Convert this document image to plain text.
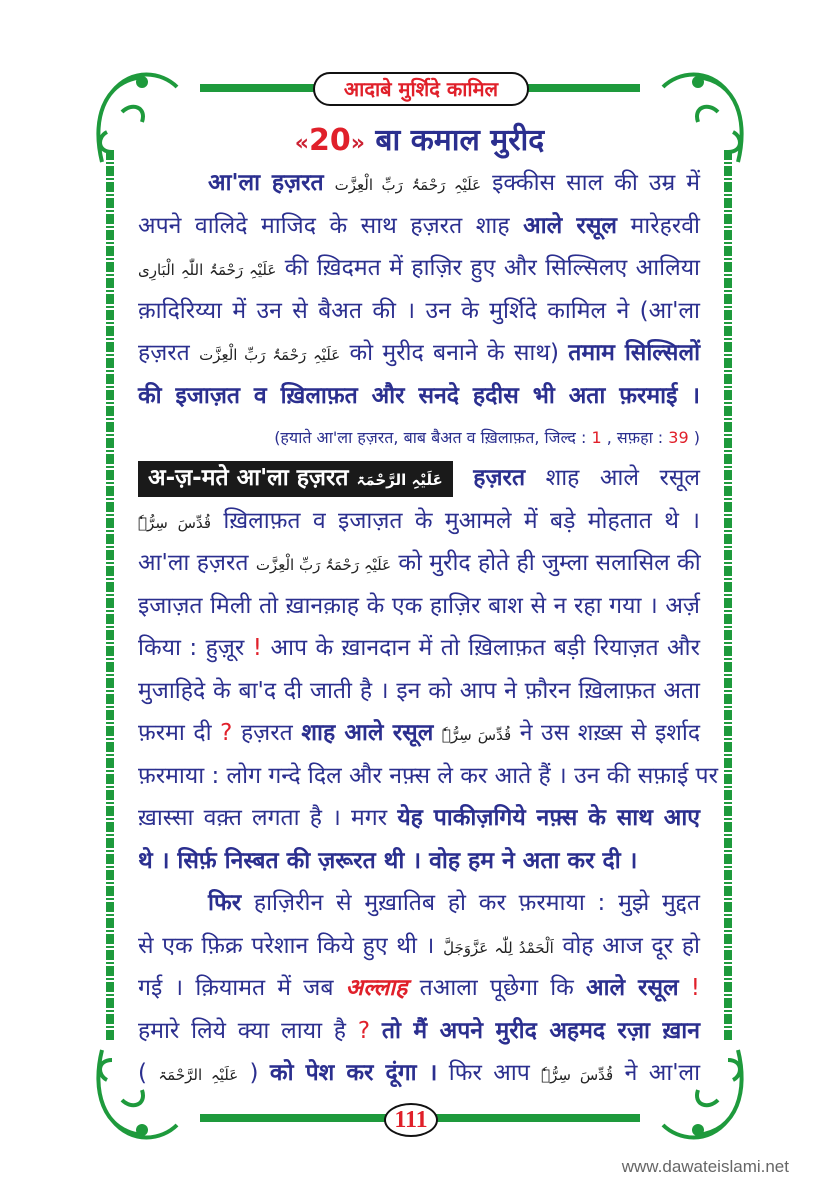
आदाबे मुर्शिदे कामिल
«20» बा कमाल मुरीद
आ'ला हज़रत عَلَیْہِ رَحْمَۃُ رَبِّ الْعِزَّت इक्कीस साल की उम्र में
अपने वालिदे माजिद के साथ हज़रत शाह आले रसूल मारेहरवी
عَلَیْہِ رَحْمَۃُ اللّٰہِ الْبَارِی की ख़िदमत में हाज़िर हुए और सिल्सिलए आलिया
क़ादिरिय्या में उन से बैअत की । उन के मुर्शिदे कामिल ने (आ'ला
हज़रत عَلَیْہِ رَحْمَۃُ رَبِّ الْعِزَّت को मुरीद बनाने के साथ) तमाम सिल्सिलों
की इजाज़त व ख़िलाफ़त और सनदे हदीस भी अता फ़रमाई ।
(हयाते आ'ला हज़रत, बाब बैअत व ख़िलाफ़त, जिल्द : 1 , सफ़हा : 39 )
अ-ज़-मते आ'ला हज़रत عَلَیْہِ الرَّحْمَۃ हज़रत शाह आले रसूल
قُدِّسَ سِرُّہٗ ख़िलाफ़त व इजाज़त के मुआमले में बड़े मोहतात थे ।
आ'ला हज़रत عَلَیْہِ رَحْمَۃُ رَبِّ الْعِزَّت को मुरीद होते ही जुम्ला सलासिल की
इजाज़त मिली तो ख़ानक़ाह के एक हाज़िर बाश से न रहा गया । अर्ज़
किया : हुज़ूर ! आप के ख़ानदान में तो ख़िलाफ़त बड़ी रियाज़त और
मुजाहिदे के बा'द दी जाती है । इन को आप ने फ़ौरन ख़िलाफ़त अता
फ़रमा दी ? हज़रत शाह आले रसूल قُدِّسَ سِرُّہٗ ने उस शख़्स से इर्शाद
फ़रमाया : लोग गन्दे दिल और नफ़्स ले कर आते हैं । उन की सफ़ाई पर
ख़ास्सा वक़्त लगता है । मगर येह पाकीज़गिये नफ़्स के साथ आए
थे । सिर्फ़ निस्बत की ज़रूरत थी । वोह हम ने अता कर दी ।
फिर हाज़िरीन से मुख़ातिब हो कर फ़रमाया : मुझे मुद्दत
से एक फ़िक्र परेशान किये हुए थी । اَلْحَمْدُ لِلّٰہ عَزَّوَجَلَّ वोह आज दूर हो
गई । क़ियामत में जब अल्लाह तआला पूछेगा कि आले रसूल !
हमारे लिये क्या लाया है ? तो मैं अपने मुरीद अहमद रज़ा ख़ान
( عَلَیْہِ الرَّحْمَۃ ) को पेश कर दूंगा । फिर आप قُدِّسَ سِرُّہٗ ने आ'ला
111
www.dawateislami.net
